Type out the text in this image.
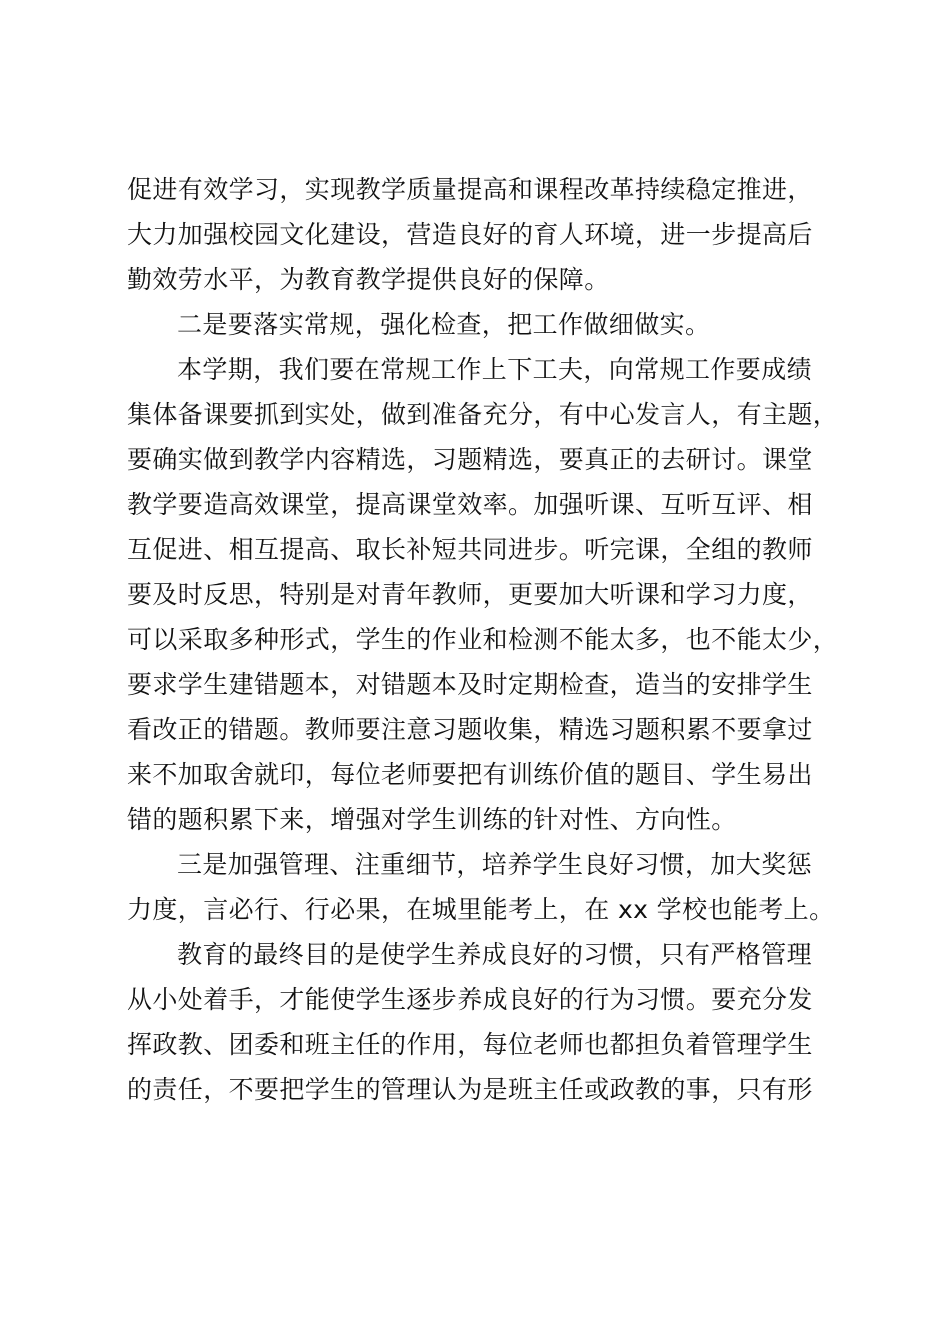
促进有效学习，实现教学质量提高和课程改革持续稳定推进，
大力加强校园文化建设，营造良好的育人环境，进一步提高后
勤效劳水平，为教育教学提供良好的保障。
二是要落实常规，强化检查，把工作做细做实。
本学期，我们要在常规工作上下工夫，向常规工作要成绩
集体备课要抓到实处，做到准备充分，有中心发言人，有主题，
要确实做到教学内容精选，习题精选，要真正的去研讨。课堂
教学要造高效课堂，提高课堂效率。加强听课、互听互评、相
互促进、相互提高、取长补短共同进步。听完课，全组的教师
要及时反思，特别是对青年教师，更要加大听课和学习力度，
可以采取多种形式，学生的作业和检测不能太多，也不能太少，
要求学生建错题本，对错题本及时定期检查，造当的安排学生
看改正的错题。教师要注意习题收集，精选习题积累不要拿过
来不加取舍就印，每位老师要把有训练价值的题目、学生易出
错的题积累下来，增强对学生训练的针对性、方向性。
三是加强管理、注重细节，培养学生良好习惯，加大奖惩
力度，言必行、行必果，在城里能考上，在 xx 学校也能考上。
教育的最终目的是使学生养成良好的习惯，只有严格管理
从小处着手，才能使学生逐步养成良好的行为习惯。要充分发
挥政教、团委和班主任的作用，每位老师也都担负着管理学生
的责任，不要把学生的管理认为是班主任或政教的事，只有形
